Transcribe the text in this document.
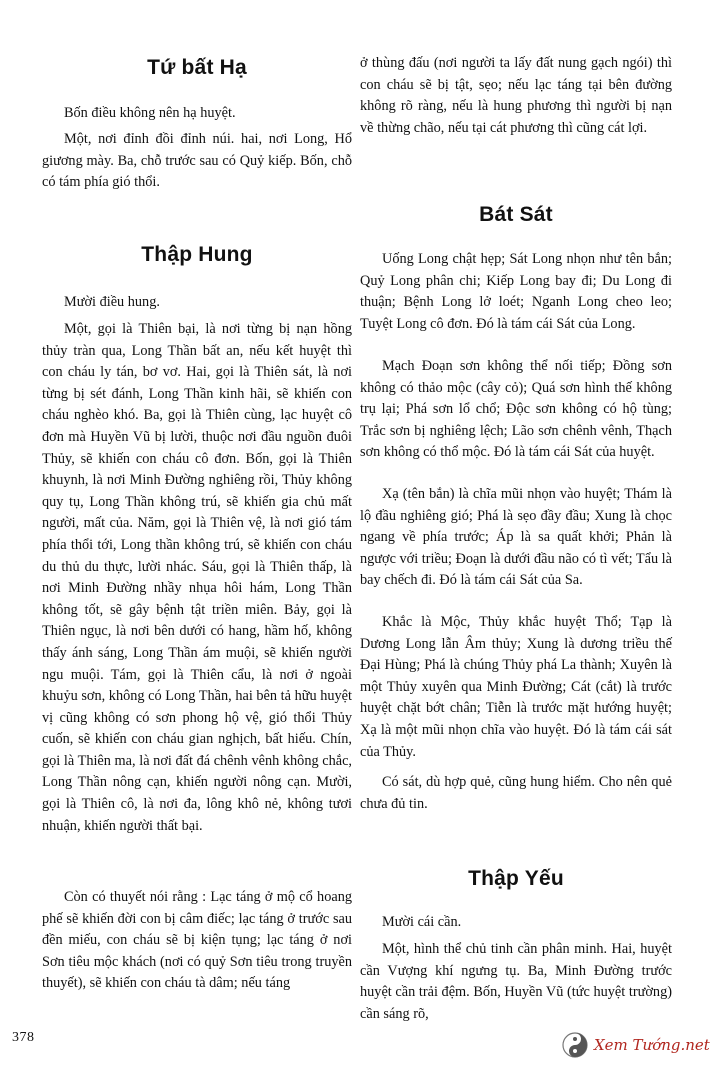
Tứ bất Hạ

Bốn điều không nên hạ huyệt.

Một, nơi đỉnh đồi đỉnh núi. hai, nơi Long, Hổ giương mày. Ba, chỗ trước sau có Quỷ kiếp. Bốn, chỗ có tám phía gió thổi.

Thập Hung

Mười điều hung.

Một, gọi là Thiên bại, là nơi từng bị nạn hồng thủy tràn qua, Long Thần bất an, nếu kết huyệt thì con cháu ly tán, bơ vơ. Hai, gọi là Thiên sát, là nơi từng bị sét đánh, Long Thần kinh hãi, sẽ khiến con cháu nghèo khó. Ba, gọi là Thiên cùng, lạc huyệt cô đơn mà Huyền Vũ bị lười, thuộc nơi đầu nguồn đuôi Thủy, sẽ khiến con cháu cô đơn. Bốn, gọi là Thiên khuynh, là nơi Minh Đường nghiêng rồi, Thủy không quy tụ, Long Thần không trú, sẽ khiến gia chủ mất người, mất của. Năm, gọi là Thiên vệ, là nơi gió tám phía thổi tới, Long thần không trú, sẽ khiến con cháu du thủ du thực, lười nhác. Sáu, gọi là Thiên thấp, là nơi Minh Đường nhầy nhụa hôi hám, Long Thần không tốt, sẽ gây bệnh tật triền miên. Bảy, gọi là Thiên ngục, là nơi bên dưới có hang, hầm hố, không thấy ánh sáng, Long Thần ám muội, sẽ khiến người ngu muội. Tám, gọi là Thiên cẩu, là nơi ở ngoài khuỷu sơn, không có Long Thần, hai bên tả hữu huyệt vị cũng không có sơn phong hộ vệ, gió thổi Thủy cuốn, sẽ khiến con cháu gian nghịch, bất hiếu. Chín, gọi là Thiên ma, là nơi đất đá chênh vênh không chắc, Long Thần nông cạn, khiến người nông cạn. Mười, gọi là Thiên cô, là nơi đa, lông khô nẻ, không tươi nhuận, khiến người thất bại.

Còn có thuyết nói rằng : Lạc táng ở mộ cổ hoang phế sẽ khiến đời con bị câm điếc; lạc táng ở trước sau đền miếu, con cháu sẽ bị kiện tụng; lạc táng ở nơi Sơn tiêu mộc khách (nơi có quỷ Sơn tiêu trong truyền thuyết), sẽ khiến con cháu tà dâm; nếu táng

ở thùng đấu (nơi người ta lấy đất nung gạch ngói) thì con cháu sẽ bị tật, sẹo; nếu lạc táng tại bên đường không rõ ràng, nếu là hung phương thì người bị nạn về thừng chão, nếu tại cát phương thì cũng cát lợi.

Bát Sát

Uống Long chật hẹp; Sát Long nhọn như tên bắn; Quỷ Long phân chi; Kiếp Long bay đi; Du Long đi thuận; Bệnh Long lở loét; Nganh Long cheo leo; Tuyệt Long cô đơn. Đó là tám cái Sát của Long.

Mạch Đoạn sơn không thể nối tiếp; Đồng sơn không có thảo mộc (cây cỏ); Quá sơn hình thế không trụ lại; Phá sơn lổ chổ; Độc sơn không có hộ tùng; Trắc sơn bị nghiêng lệch; Lão sơn chênh vênh, Thạch sơn không có thổ mộc. Đó là tám cái Sát của huyệt.

Xạ (tên bắn) là chĩa mũi nhọn vào huyệt; Thám là lộ đầu nghiêng gió; Phá là sẹo đầy đầu; Xung là chọc ngang về phía trước; Áp là sa quất khởi; Phản là ngược với triều; Đoạn là dưới đầu não có tì vết; Tẩu là bay chếch đi. Đó là tám cái Sát của Sa.

Khắc là Mộc, Thủy khắc huyệt Thổ; Tạp là Dương Long lẫn Âm thủy; Xung là dương triều thế Đại Hùng; Phá là chúng Thủy phá La thành; Xuyên là một Thủy xuyên qua Minh Đường; Cát (cắt) là trước huyệt chặt bớt chân; Tiễn là trước mặt hướng huyệt; Xạ là một mũi nhọn chĩa vào huyệt. Đó là tám cái sát của Thủy.

Có sát, dù hợp quẻ, cũng hung hiểm. Cho nên quẻ chưa đủ tin.

Thập Yếu

Mười cái cần.

Một, hình thể chủ tinh cần phân minh. Hai, huyệt cần Vượng khí ngưng tụ. Ba, Minh Đường trước huyệt cần trải đệm. Bốn, Huyền Vũ (tức huyệt trường) cần sáng rõ,

378	Xem Tướng.net
